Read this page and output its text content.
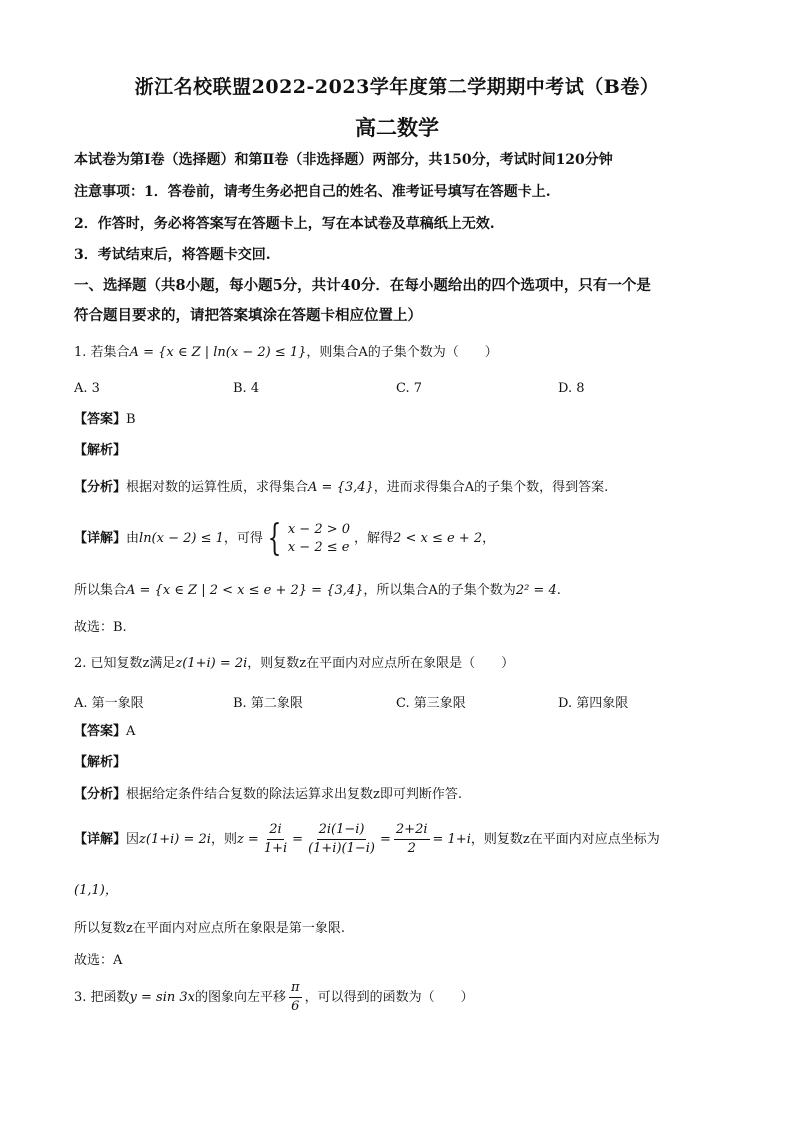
浙江名校联盟2022-2023学年度第二学期期中考试（B卷）
高二数学
本试卷为第Ⅰ卷（选择题）和第Ⅱ卷（非选择题）两部分，共150分，考试时间120分钟
注意事项：1．答卷前，请考生务必把自己的姓名、准考证号填写在答题卡上.
2．作答时，务必将答案写在答题卡上，写在本试卷及草稿纸上无效.
3．考试结束后，将答题卡交回.
一、选择题（共8小题，每小题5分，共计40分．在每小题给出的四个选项中，只有一个是
符合题目要求的，请把答案填涂在答题卡相应位置上）
1. 若集合A = {x ∈ Z | ln(x − 2) ≤ 1}，则集合A的子集个数为（　　）
A. 3	B. 4	C. 7	D. 8
【答案】B
【解析】
【分析】根据对数的运算性质，求得集合A = {3,4}，进而求得集合A的子集个数，得到答案.
【详解】 由 ln(x − 2) ≤ 1 ，可得 { x − 2 > 0
x − 2 ≤ e
，解得 2 < x ≤ e + 2 ，
所以集合A = {x ∈ Z | 2 < x ≤ e + 2} = {3,4}，所以集合A的子集个数为2² = 4.
故选：B.
2. 已知复数z满足z(1+i) = 2i，则复数z在平面内对应点所在象限是（　　）
A. 第一象限	B. 第二象限	C. 第三象限	D. 第四象限
【答案】A
【解析】
【分析】根据给定条件结合复数的除法运算求出复数z即可判断作答.
【详解】 因 z(1+i) = 2i ，则 $z = \frac{2i}{1+i} = \frac{2i(1-i)}{(1+i)(1-i)} = \frac{2+2i}{2} = 1+i$ ，则复数z在平面内对应点坐标为
(1,1)，
所以复数z在平面内对应点所在象限是第一象限.
故选：A
3. 把函数 y = sin 3x 的图象向左平移 $\frac{\pi}{6}$ ，可以得到的函数为（　　）
